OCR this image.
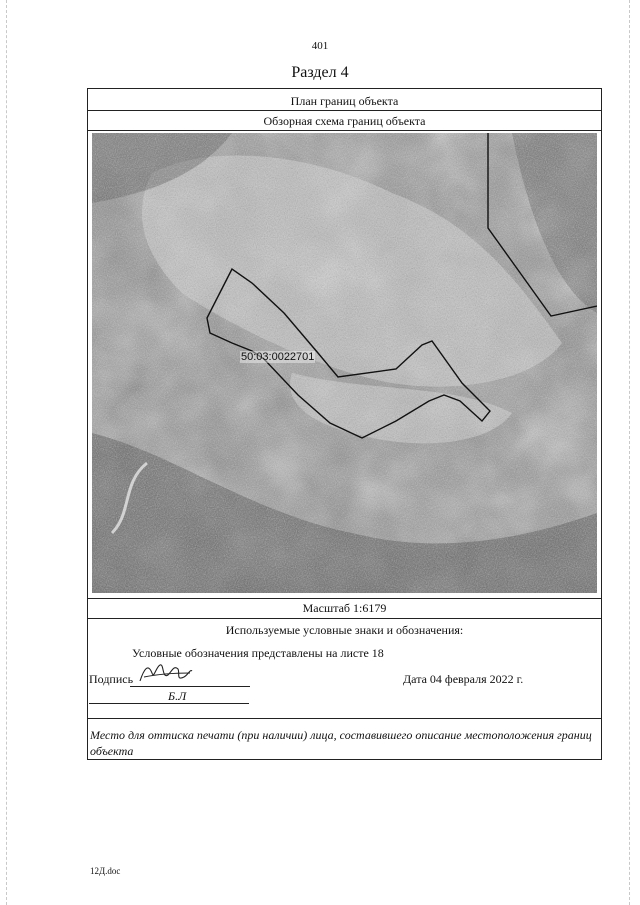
401
Раздел 4
План границ объекта
Обзорная схема границ объекта
50:03:0022701
Масштаб 1:6179
Используемые условные знаки и обозначения:
Условные обозначения представлены на листе 18
Подпись
Б.Л
Дата 04 февраля 2022 г.
Место для оттиска печати (при наличии) лица, составившего описание местоположения границ объекта
12Д.doc
